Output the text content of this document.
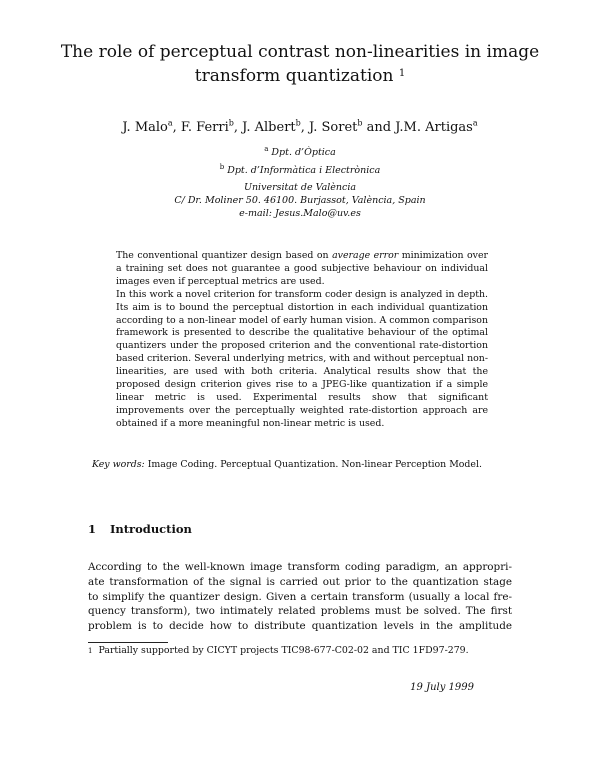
The role of perceptual contrast non-linearities in image
transform quantization $^1$
J. Malo$^a$, F. Ferri$^b$, J. Albert$^b$, J. Soret$^b$ and J.M. Artigas$^a$
$^a$ Dpt. d’Òptica
$^b$ Dpt. d’Informàtica i Electrònica
Universitat de València
C/ Dr. Moliner 50. 46100. Burjassot, València, Spain
e-mail: Jesus.Malo@uv.es

The conventional quantizer design based on average error minimization over a training set does not guarantee a good subjective behaviour on individual images even if perceptual metrics are used.

In this work a novel criterion for transform coder design is analyzed in depth. Its aim is to bound the perceptual distortion in each individual quantization according to a non-linear model of early human vision. A common comparison framework is presented to describe the qualitative behaviour of the optimal quantizers under the proposed criterion and the conventional rate-distortion based criterion. Several underlying metrics, with and without perceptual non-linearities, are used with both criteria. Analytical results show that the proposed design criterion gives rise to a JPEG-like quantization if a simple linear metric is used. Experimental results show that significant improvements over the perceptually weighted rate-distortion approach are obtained if a more meaningful non-linear metric is used.

Key words: Image Coding. Perceptual Quantization. Non-linear Perception Model.
1 Introduction
According to the well-known image transform coding paradigm, an appropri-
ate transformation of the signal is carried out prior to the quantization stage
to simplify the quantizer design. Given a certain transform (usually a local fre-
quency transform), two intimately related problems must be solved. The first
problem is to decide how to distribute quantization levels in the amplitude
$^1$ Partially supported by CICYT projects TIC98-677-C02-02 and TIC 1FD97-279.
19 July 1999
